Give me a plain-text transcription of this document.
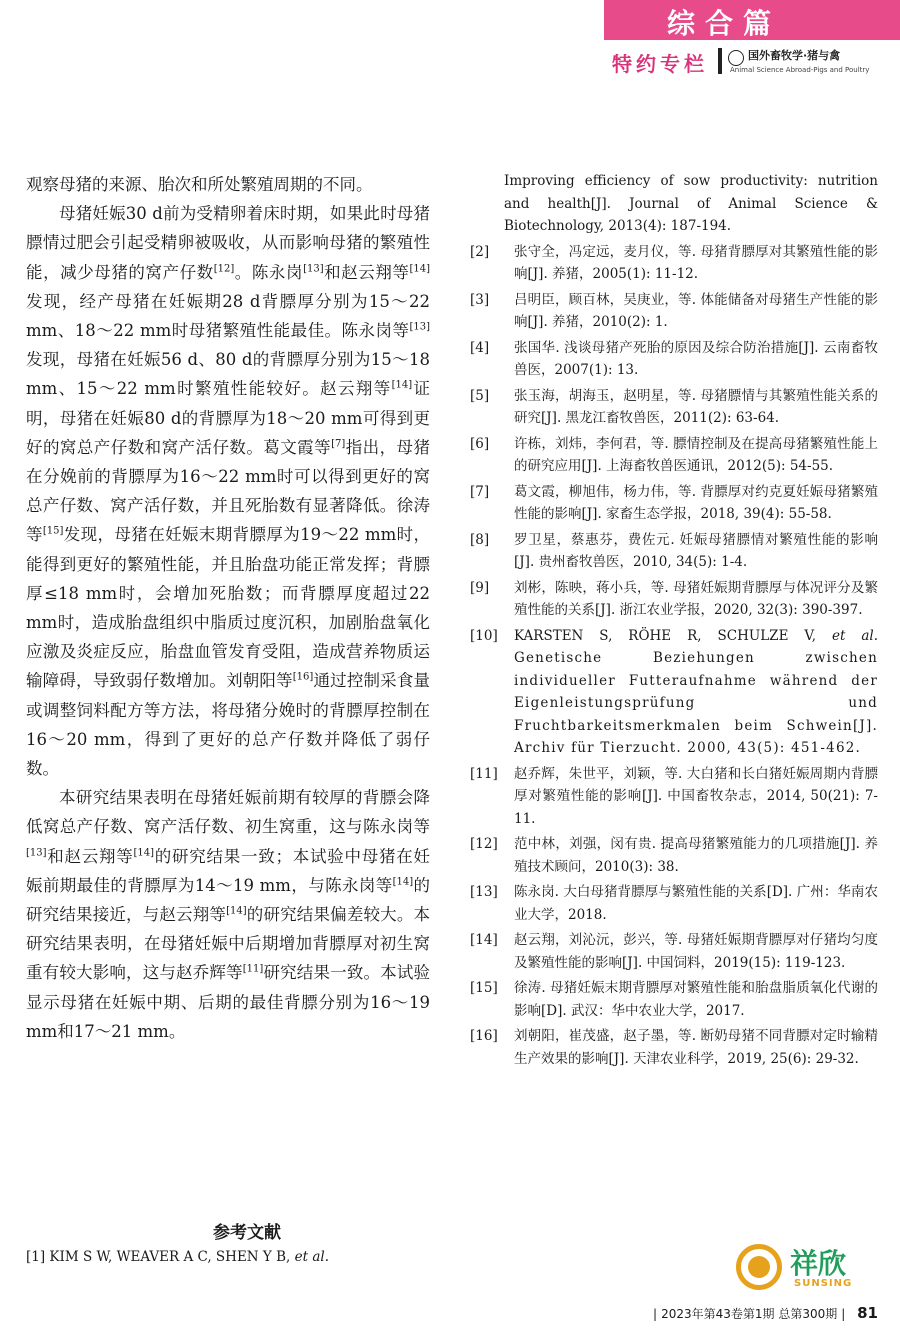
综合篇
特约专栏	国外畜牧学·猪与禽
Animal Science Abroad-Pigs and Poultry

观察母猪的来源、胎次和所处繁殖周期的不同。

母猪妊娠30 d前为受精卵着床时期，如果此时母猪膘情过肥会引起受精卵被吸收，从而影响母猪的繁殖性能，减少母猪的窝产仔数[12]。陈永岗[13]和赵云翔等[14]发现，经产母猪在妊娠期28 d背膘厚分别为15～22 mm、18～22 mm时母猪繁殖性能最佳。陈永岗等[13]发现，母猪在妊娠56 d、80 d的背膘厚分别为15～18 mm、15～22 mm时繁殖性能较好。赵云翔等[14]证明，母猪在妊娠80 d的背膘厚为18～20 mm可得到更好的窝总产仔数和窝产活仔数。葛文霞等[7]指出，母猪在分娩前的背膘厚为16～22 mm时可以得到更好的窝总产仔数、窝产活仔数，并且死胎数有显著降低。徐涛等[15]发现，母猪在妊娠末期背膘厚为19～22 mm时，能得到更好的繁殖性能，并且胎盘功能正常发挥；背膘厚≤18 mm时，会增加死胎数；而背膘厚度超过22 mm时，造成胎盘组织中脂质过度沉积，加剧胎盘氧化应激及炎症反应，胎盘血管发育受阻，造成营养物质运输障碍，导致弱仔数增加。刘朝阳等[16]通过控制采食量或调整饲料配方等方法，将母猪分娩时的背膘厚控制在16～20 mm，得到了更好的总产仔数并降低了弱仔数。

本研究结果表明在母猪妊娠前期有较厚的背膘会降低窝总产仔数、窝产活仔数、初生窝重，这与陈永岗等[13]和赵云翔等[14]的研究结果一致；本试验中母猪在妊娠前期最佳的背膘厚为14～19 mm，与陈永岗等[14]的研究结果接近，与赵云翔等[14]的研究结果偏差较大。本研究结果表明，在母猪妊娠中后期增加背膘厚对初生窝重有较大影响，这与赵乔辉等[11]研究结果一致。本试验显示母猪在妊娠中期、后期的最佳背膘分别为16～19 mm和17～21 mm。

参考文献
[1] KIM S W, WEAVER A C, SHEN Y B, et al.
Improving efficiency of sow productivity: nutrition and health[J]. Journal of Animal Science & Biotechnology, 2013(4): 187-194.
[2]	张守全，冯定远，麦月仪，等. 母猪背膘厚对其繁殖性能的影响[J]. 养猪，2005(1): 11-12.
[3]	吕明臣，顾百林，吴庚业，等. 体能储备对母猪生产性能的影响[J]. 养猪，2010(2): 1.
[4]	张国华. 浅谈母猪产死胎的原因及综合防治措施[J]. 云南畜牧兽医，2007(1): 13.
[5]	张玉海，胡海玉，赵明星，等. 母猪膘情与其繁殖性能关系的研究[J]. 黑龙江畜牧兽医，2011(2): 63-64.
[6]	许栋，刘炜，李何君，等. 膘情控制及在提高母猪繁殖性能上的研究应用[J]. 上海畜牧兽医通讯，2012(5): 54-55.
[7]	葛文霞，柳旭伟，杨力伟，等. 背膘厚对约克夏妊娠母猪繁殖性能的影响[J]. 家畜生态学报，2018, 39(4): 55-58.
[8]	罗卫星，蔡惠芬，费佐元. 妊娠母猪膘情对繁殖性能的影响[J]. 贵州畜牧兽医，2010, 34(5): 1-4.
[9]	刘彬，陈映，蒋小兵，等. 母猪妊娠期背膘厚与体况评分及繁殖性能的关系[J]. 浙江农业学报，2020, 32(3): 390-397.
[10]	KARSTEN S, RÖHE R, SCHULZE V, et al. Genetische Beziehungen zwischen individueller Futteraufnahme während der Eigenleistungsprüfung und Fruchtbarkeitsmerkmalen beim Schwein[J]. Archiv für Tierzucht. 2000, 43(5): 451-462.
[11]	赵乔辉，朱世平，刘颖，等. 大白猪和长白猪妊娠周期内背膘厚对繁殖性能的影响[J]. 中国畜牧杂志，2014, 50(21): 7-11.
[12]	范中林，刘强，闵有贵. 提高母猪繁殖能力的几项措施[J]. 养殖技术顾问，2010(3): 38.
[13]	陈永岗. 大白母猪背膘厚与繁殖性能的关系[D]. 广州：华南农业大学，2018.
[14]	赵云翔，刘沁沅，彭兴，等. 母猪妊娠期背膘厚对仔猪均匀度及繁殖性能的影响[J]. 中国饲料，2019(15): 119-123.
[15]	徐涛. 母猪妊娠末期背膘厚对繁殖性能和胎盘脂质氧化代谢的影响[D]. 武汉：华中农业大学，2017.
[16]	刘朝阳，崔茂盛，赵子墨，等. 断奶母猪不同背膘对定时输精生产效果的影响[J]. 天津农业科学，2019, 25(6): 29-32.
祥欣
SUNSING
| 2023年第43卷第1期 总第300期 | 81
